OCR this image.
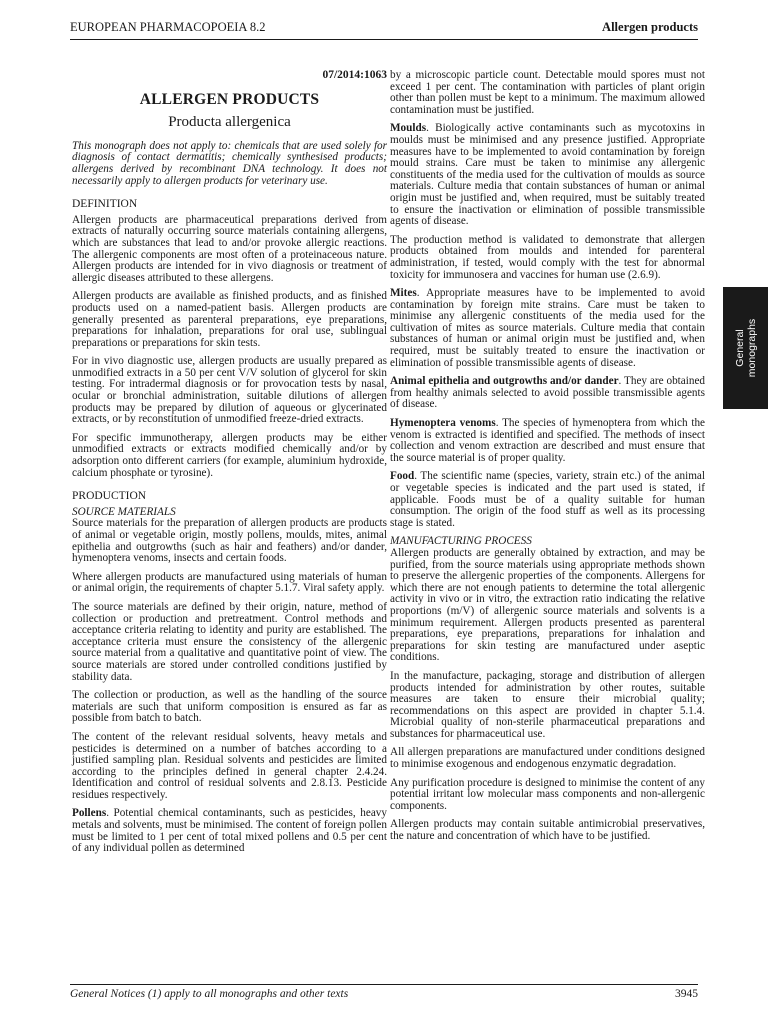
EUROPEAN PHARMACOPOEIA 8.2	Allergen products
07/2014:1063
ALLERGEN PRODUCTS
Producta allergenica

This monograph does not apply to: chemicals that are used solely for diagnosis of contact dermatitis; chemically synthesised products; allergens derived by recombinant DNA technology. It does not necessarily apply to allergen products for veterinary use.

DEFINITION

Allergen products are pharmaceutical preparations derived from extracts of naturally occurring source materials containing allergens, which are substances that lead to and/or provoke allergic reactions. The allergenic components are most often of a proteinaceous nature. Allergen products are intended for in vivo diagnosis or treatment of allergic diseases attributed to these allergens.

Allergen products are available as finished products, and as finished products used on a named-patient basis. Allergen products are generally presented as parenteral preparations, eye preparations, preparations for inhalation, preparations for oral use, sublingual preparations or preparations for skin tests.

For in vivo diagnostic use, allergen products are usually prepared as unmodified extracts in a 50 per cent V/V solution of glycerol for skin testing. For intradermal diagnosis or for provocation tests by nasal, ocular or bronchial administration, suitable dilutions of allergen products may be prepared by dilution of aqueous or glycerinated extracts, or by reconstitution of unmodified freeze-dried extracts.

For specific immunotherapy, allergen products may be either unmodified extracts or extracts modified chemically and/or by adsorption onto different carriers (for example, aluminium hydroxide, calcium phosphate or tyrosine).

PRODUCTION
SOURCE MATERIALS

Source materials for the preparation of allergen products are products of animal or vegetable origin, mostly pollens, moulds, mites, animal epithelia and outgrowths (such as hair and feathers) and/or dander, hymenoptera venoms, insects and certain foods.

Where allergen products are manufactured using materials of human or animal origin, the requirements of chapter 5.1.7. Viral safety apply.

The source materials are defined by their origin, nature, method of collection or production and pretreatment. Control methods and acceptance criteria relating to identity and purity are established. The acceptance criteria must ensure the consistency of the allergenic source material from a qualitative and quantitative point of view. The source materials are stored under controlled conditions justified by stability data.

The collection or production, as well as the handling of the source materials are such that uniform composition is ensured as far as possible from batch to batch.

The content of the relevant residual solvents, heavy metals and pesticides is determined on a number of batches according to a justified sampling plan. Residual solvents and pesticides are limited according to the principles defined in general chapter 2.4.24. Identification and control of residual solvents and 2.8.13. Pesticide residues respectively.

Pollens. Potential chemical contaminants, such as pesticides, heavy metals and solvents, must be minimised. The content of foreign pollen must be limited to 1 per cent of total mixed pollens and 0.5 per cent of any individual pollen as determined

by a microscopic particle count. Detectable mould spores must not exceed 1 per cent. The contamination with particles of plant origin other than pollen must be kept to a minimum. The maximum allowed contamination must be justified.

Moulds. Biologically active contaminants such as mycotoxins in moulds must be minimised and any presence justified. Appropriate measures have to be implemented to avoid contamination by foreign mould strains. Care must be taken to minimise any allergenic constituents of the media used for the cultivation of moulds as source materials. Culture media that contain substances of human or animal origin must be justified and, when required, must be suitably treated to ensure the inactivation or elimination of possible transmissible agents of disease.

The production method is validated to demonstrate that allergen products obtained from moulds and intended for parenteral administration, if tested, would comply with the test for abnormal toxicity for immunosera and vaccines for human use (2.6.9).

Mites. Appropriate measures have to be implemented to avoid contamination by foreign mite strains. Care must be taken to minimise any allergenic constituents of the media used for the cultivation of mites as source materials. Culture media that contain substances of human or animal origin must be justified and, when required, must be suitably treated to ensure the inactivation or elimination of possible transmissible agents of disease.

Animal epithelia and outgrowths and/or dander. They are obtained from healthy animals selected to avoid possible transmissible agents of disease.

Hymenoptera venoms. The species of hymenoptera from which the venom is extracted is identified and specified. The methods of insect collection and venom extraction are described and must ensure that the source material is of proper quality.

Food. The scientific name (species, variety, strain etc.) of the animal or vegetable species is indicated and the part used is stated, if applicable. Foods must be of a quality suitable for human consumption. The origin of the food stuff as well as its processing stage is stated.

MANUFACTURING PROCESS

Allergen products are generally obtained by extraction, and may be purified, from the source materials using appropriate methods shown to preserve the allergenic properties of the components. Allergens for which there are not enough patients to determine the total allergenic activity in vivo or in vitro, the extraction ratio indicating the relative proportions (m/V) of allergenic source materials and solvents is a minimum requirement. Allergen products presented as parenteral preparations, eye preparations, preparations for inhalation and preparations for skin testing are manufactured under aseptic conditions.

In the manufacture, packaging, storage and distribution of allergen products intended for administration by other routes, suitable measures are taken to ensure their microbial quality; recommendations on this aspect are provided in chapter 5.1.4. Microbial quality of non-sterile pharmaceutical preparations and substances for pharmaceutical use.

All allergen preparations are manufactured under conditions designed to minimise exogenous and endogenous enzymatic degradation.

Any purification procedure is designed to minimise the content of any potential irritant low molecular mass components and non-allergenic components.

Allergen products may contain suitable antimicrobial preservatives, the nature and concentration of which have to be justified.

General
monographs
General Notices (1) apply to all monographs and other texts	3945
